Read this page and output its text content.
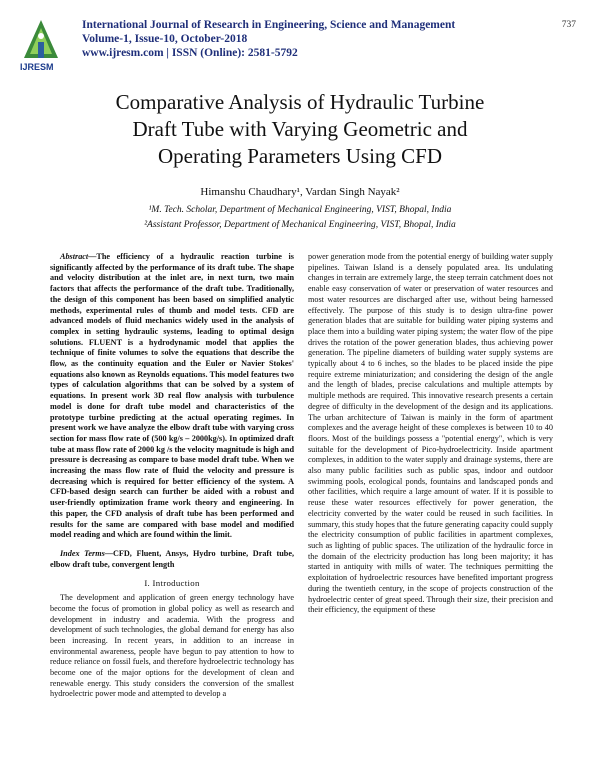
IJRESM
International Journal of Research in Engineering, Science and Management
Volume-1, Issue-10, October-2018
www.ijresm.com | ISSN (Online): 2581-5792
737
Comparative Analysis of Hydraulic Turbine
Draft Tube with Varying Geometric and
Operating Parameters Using CFD
Himanshu Chaudhary¹, Vardan Singh Nayak²
¹M. Tech. Scholar, Department of Mechanical Engineering, VIST, Bhopal, India
²Assistant Professor, Department of Mechanical Engineering, VIST, Bhopal, India

Abstract—The efficiency of a hydraulic reaction turbine is significantly affected by the performance of its draft tube. The shape and velocity distribution at the inlet are, in next turn, two main factors that affects the performance of the draft tube. Traditionally, the design of this component has been based on simplified analytic methods, experimental rules of thumb and model tests. CFD are advanced models of fluid mechanics widely used in the analysis of complex in setting hydraulic systems, leading to optimal design solutions. FLUENT is a hydrodynamic model that applies the technique of finite volumes to solve the equations that describe the flow, as the continuity equation and the Euler or Navier Stokes' equations also known as Reynolds equations. This model features two types of calculation algorithms that can be solved by a system of equations. In present work 3D real flow analysis with turbulence model is done for draft tube model and characteristics of the prototype turbine predicting at the actual operating regimes. In present work we have analyze the elbow draft tube with varying cross section for mass flow rate of (500 kg/s – 2000kg/s). In optimized draft tube at mass flow rate of 2000 kg /s the velocity magnitude is high and pressure is decreasing as compare to base model draft tube. When we increasing the mass flow rate of fluid the velocity and pressure is decreasing which is required for better efficiency of the system. A CFD-based design search can further be aided with a robust and user-friendly optimization frame work theory and engineering. In this paper, the CFD analysis of draft tube has been performed and results for the same are compared with base model and modified model reading and which are found within the limit.

Index Terms—CFD, Fluent, Ansys, Hydro turbine, Draft tube, elbow draft tube, convergent length

I. Introduction

The development and application of green energy technology have become the focus of promotion in global policy as well as research and development in industry and academia. With the progress and development of such technologies, the global demand for energy has also been increasing. In recent years, in addition to an increase in environmental awareness, people have begun to pay attention to how to reduce reliance on fossil fuels, and therefore hydroelectric technology has become one of the major options for the development of clean and renewable energy. This study considers the conversion of the smallest hydroelectric power mode and attempted to develop a

power generation mode from the potential energy of building water supply pipelines. Taiwan Island is a densely populated area. Its undulating changes in terrain are extremely large, the steep terrain catchment does not enable easy conservation of water or preservation of water resources and most water resources are discharged after use, without being harnessed effectively. The purpose of this study is to design ultra-fine power generation blades that are suitable for building water piping systems and place them into a building water piping system; the water flow of the pipe drives the rotation of the power generation blades, thus achieving power generation. The pipeline diameters of building water supply systems are typically about 4 to 6 inches, so the blades to be placed inside the pipe require extreme miniaturization; and considering the design of the angle and the length of blades, precise calculations and multiple attempts by multiple methods are required. This innovative research presents a certain degree of difficulty in the development of the design and its applications. The urban architecture of Taiwan is mainly in the form of apartment complexes and the average height of these complexes is between 10 to 40 floors. Most of the buildings possess a "potential energy", which is very suitable for the development of Pico-hydroelectricity. Inside apartment complexes, in addition to the water supply and drainage systems, there are also many public facilities such as public spas, indoor and outdoor swimming pools, ecological ponds, fountains and landscaped ponds and other facilities, which require a large amount of water. If it is possible to reuse these water resources effectively for power generation, the electricity converted by the water could be reused in such facilities. In summary, this study hopes that the future generating capacity could supply the electricity consumption of public facilities in apartment complexes, such as lighting of public spaces. The utilization of the hydraulic force in the domain of the electricity production has long been majority; it has started in antiquity with mills of water. The techniques permitting the exploitation of hydroelectric resources have benefited important progress during the twentieth century, in the scope of projects construction of the hydroelectric center of great speed. Through their size, their precision and their efficiency, the equipment of these
